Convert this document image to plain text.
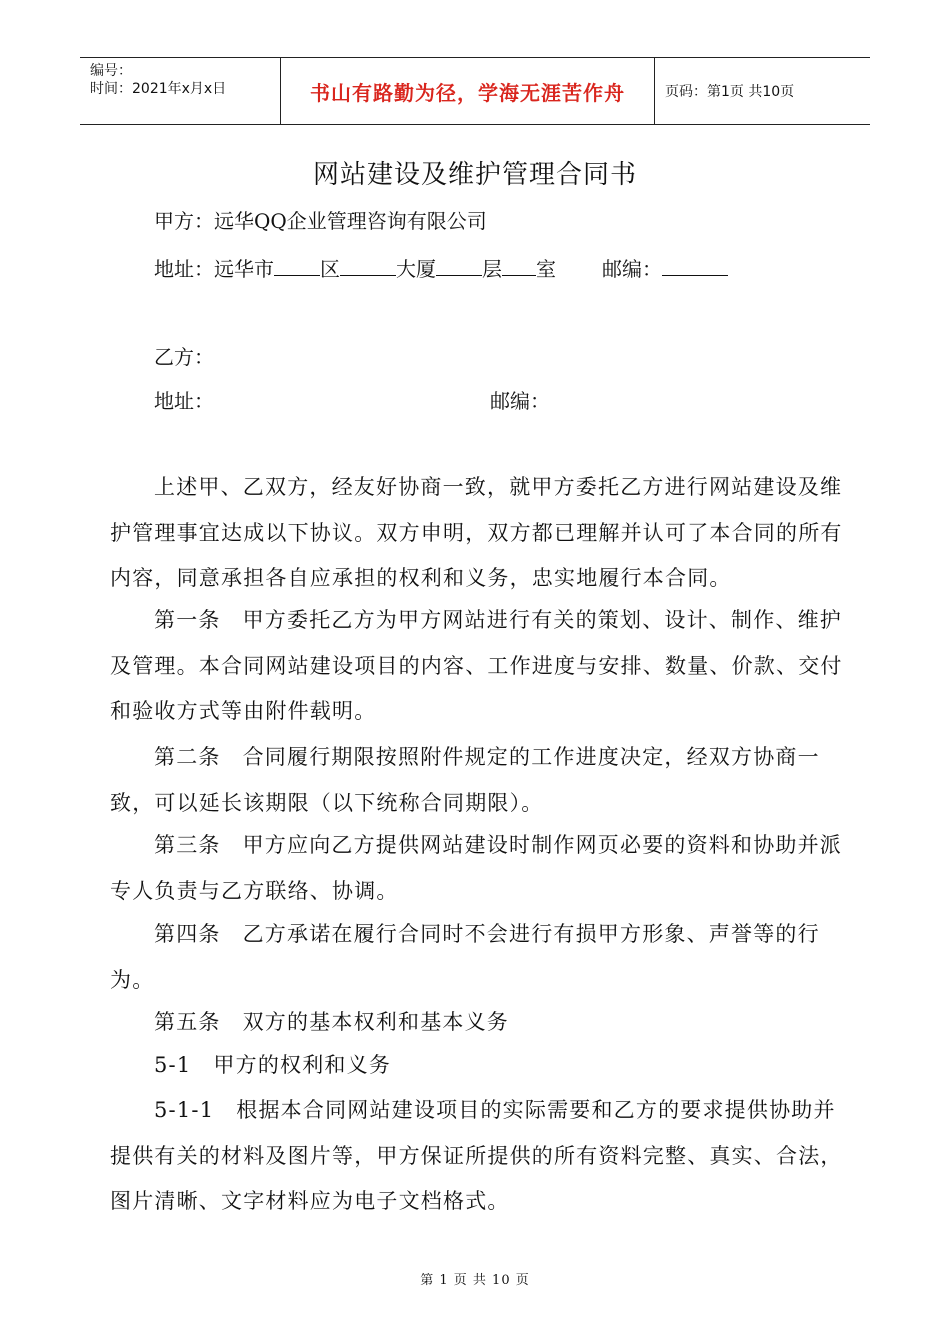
编号：
时间：2021年x月x日	书山有路勤为径，学海无涯苦作舟	页码：第1页 共10页
网站建设及维护管理合同书
甲方：远华QQ企业管理咨询有限公司
地址：远华市 区	大厦 层 室 邮编：
乙方：
地址：	邮编：

上述甲、乙双方，经友好协商一致，就甲方委托乙方进行网站建设及维护管理事宜达成以下协议。双方申明，双方都已理解并认可了本合同的所有内容，同意承担各自应承担的权利和义务，忠实地履行本合同。

第一条 甲方委托乙方为甲方网站进行有关的策划、设计、制作、维护及管理。本合同网站建设项目的内容、工作进度与安排、数量、价款、交付和验收方式等由附件载明。

第二条 合同履行期限按照附件规定的工作进度决定，经双方协商一致，可以延长该期限（以下统称合同期限）。

第三条 甲方应向乙方提供网站建设时制作网页必要的资料和协助并派专人负责与乙方联络、协调。

第四条 乙方承诺在履行合同时不会进行有损甲方形象、声誉等的行为。

第五条 双方的基本权利和基本义务

5-1 甲方的权利和义务

5-1-1 根据本合同网站建设项目的实际需要和乙方的要求提供协助并提供有关的材料及图片等，甲方保证所提供的所有资料完整、真实、合法，图片清晰、文字材料应为电子文档格式。

第 1 页 共 10 页
